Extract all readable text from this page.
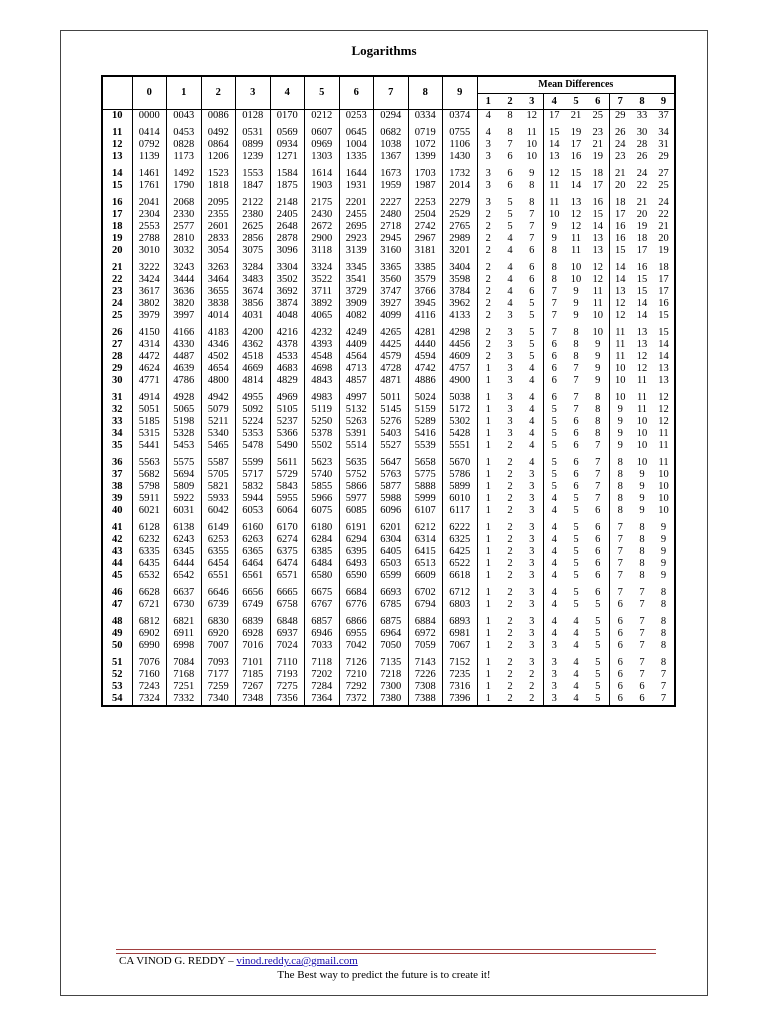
Logarithms
	0	1	2	3	4	5	6	7	8	9	Mean Differences								
											1	2	3	4	5	6	7	8	9
10	0000	0043	0086	0128	0170	0212	0253	0294	0334	0374	4	8	12	17	21	25	29	33	37
11	0414	0453	0492	0531	0569	0607	0645	0682	0719	0755	4	8	11	15	19	23	26	30	34
12	0792	0828	0864	0899	0934	0969	1004	1038	1072	1106	3	7	10	14	17	21	24	28	31
13	1139	1173	1206	1239	1271	1303	1335	1367	1399	1430	3	6	10	13	16	19	23	26	29
14	1461	1492	1523	1553	1584	1614	1644	1673	1703	1732	3	6	9	12	15	18	21	24	27
15	1761	1790	1818	1847	1875	1903	1931	1959	1987	2014	3	6	8	11	14	17	20	22	25
16	2041	2068	2095	2122	2148	2175	2201	2227	2253	2279	3	5	8	11	13	16	18	21	24
17	2304	2330	2355	2380	2405	2430	2455	2480	2504	2529	2	5	7	10	12	15	17	20	22
18	2553	2577	2601	2625	2648	2672	2695	2718	2742	2765	2	5	7	9	12	14	16	19	21
19	2788	2810	2833	2856	2878	2900	2923	2945	2967	2989	2	4	7	9	11	13	16	18	20
20	3010	3032	3054	3075	3096	3118	3139	3160	3181	3201	2	4	6	8	11	13	15	17	19
21	3222	3243	3263	3284	3304	3324	3345	3365	3385	3404	2	4	6	8	10	12	14	16	18
22	3424	3444	3464	3483	3502	3522	3541	3560	3579	3598	2	4	6	8	10	12	14	15	17
23	3617	3636	3655	3674	3692	3711	3729	3747	3766	3784	2	4	6	7	9	11	13	15	17
24	3802	3820	3838	3856	3874	3892	3909	3927	3945	3962	2	4	5	7	9	11	12	14	16
25	3979	3997	4014	4031	4048	4065	4082	4099	4116	4133	2	3	5	7	9	10	12	14	15
26	4150	4166	4183	4200	4216	4232	4249	4265	4281	4298	2	3	5	7	8	10	11	13	15
27	4314	4330	4346	4362	4378	4393	4409	4425	4440	4456	2	3	5	6	8	9	11	13	14
28	4472	4487	4502	4518	4533	4548	4564	4579	4594	4609	2	3	5	6	8	9	11	12	14
29	4624	4639	4654	4669	4683	4698	4713	4728	4742	4757	1	3	4	6	7	9	10	12	13
30	4771	4786	4800	4814	4829	4843	4857	4871	4886	4900	1	3	4	6	7	9	10	11	13
31	4914	4928	4942	4955	4969	4983	4997	5011	5024	5038	1	3	4	6	7	8	10	11	12
32	5051	5065	5079	5092	5105	5119	5132	5145	5159	5172	1	3	4	5	7	8	9	11	12
33	5185	5198	5211	5224	5237	5250	5263	5276	5289	5302	1	3	4	5	6	8	9	10	12
34	5315	5328	5340	5353	5366	5378	5391	5403	5416	5428	1	3	4	5	6	8	9	10	11
35	5441	5453	5465	5478	5490	5502	5514	5527	5539	5551	1	2	4	5	6	7	9	10	11
36	5563	5575	5587	5599	5611	5623	5635	5647	5658	5670	1	2	4	5	6	7	8	10	11
37	5682	5694	5705	5717	5729	5740	5752	5763	5775	5786	1	2	3	5	6	7	8	9	10
38	5798	5809	5821	5832	5843	5855	5866	5877	5888	5899	1	2	3	5	6	7	8	9	10
39	5911	5922	5933	5944	5955	5966	5977	5988	5999	6010	1	2	3	4	5	7	8	9	10
40	6021	6031	6042	6053	6064	6075	6085	6096	6107	6117	1	2	3	4	5	6	8	9	10
41	6128	6138	6149	6160	6170	6180	6191	6201	6212	6222	1	2	3	4	5	6	7	8	9
42	6232	6243	6253	6263	6274	6284	6294	6304	6314	6325	1	2	3	4	5	6	7	8	9
43	6335	6345	6355	6365	6375	6385	6395	6405	6415	6425	1	2	3	4	5	6	7	8	9
44	6435	6444	6454	6464	6474	6484	6493	6503	6513	6522	1	2	3	4	5	6	7	8	9
45	6532	6542	6551	6561	6571	6580	6590	6599	6609	6618	1	2	3	4	5	6	7	8	9
46	6628	6637	6646	6656	6665	6675	6684	6693	6702	6712	1	2	3	4	5	6	7	7	8
47	6721	6730	6739	6749	6758	6767	6776	6785	6794	6803	1	2	3	4	5	5	6	7	8
48	6812	6821	6830	6839	6848	6857	6866	6875	6884	6893	1	2	3	4	4	5	6	7	8
49	6902	6911	6920	6928	6937	6946	6955	6964	6972	6981	1	2	3	4	4	5	6	7	8
50	6990	6998	7007	7016	7024	7033	7042	7050	7059	7067	1	2	3	3	4	5	6	7	8
51	7076	7084	7093	7101	7110	7118	7126	7135	7143	7152	1	2	3	3	4	5	6	7	8
52	7160	7168	7177	7185	7193	7202	7210	7218	7226	7235	1	2	2	3	4	5	6	7	7
53	7243	7251	7259	7267	7275	7284	7292	7300	7308	7316	1	2	2	3	4	5	6	6	7
54	7324	7332	7340	7348	7356	7364	7372	7380	7388	7396	1	2	2	3	4	5	6	6	7
CA VINOD G. REDDY – vinod.reddy.ca@gmail.com
The Best way to predict the future is to create it!
